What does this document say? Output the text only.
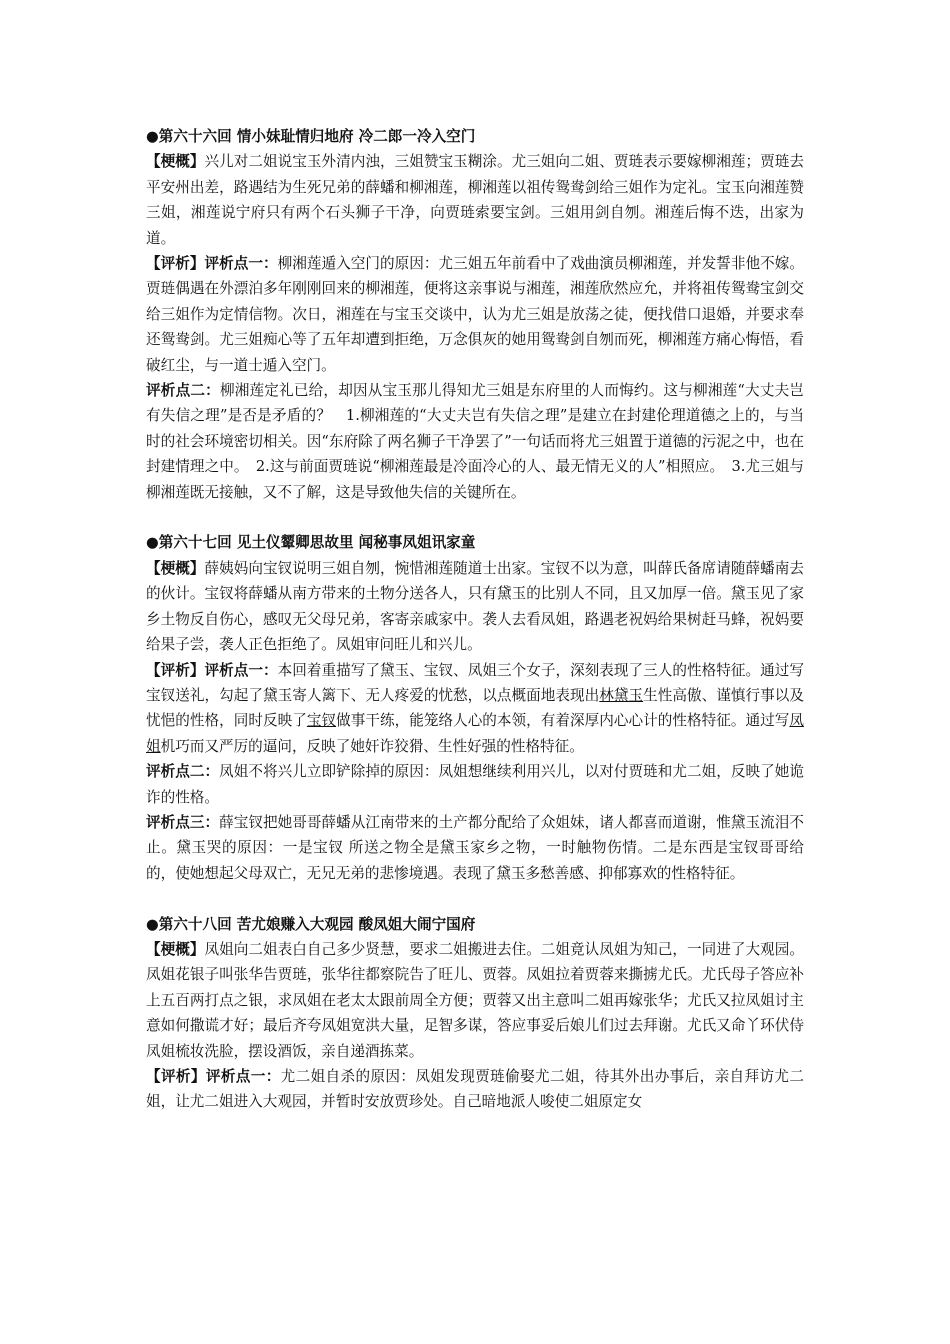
●第六十六回 情小妹耻情归地府 冷二郎一冷入空门

【梗概】兴儿对二姐说宝玉外清内浊，三姐赞宝玉糊涂。尤三姐向二姐、贾琏表示要嫁柳湘莲；贾琏去平安州出差，路遇结为生死兄弟的薛蟠和柳湘莲，柳湘莲以祖传鸳鸯剑给三姐作为定礼。宝玉向湘莲赞三姐，湘莲说宁府只有两个石头狮子干净，向贾琏索要宝剑。三姐用剑自刎。湘莲后悔不迭，出家为道。

【评析】评析点一：柳湘莲遁入空门的原因：尤三姐五年前看中了戏曲演员柳湘莲，并发誓非他不嫁。贾琏偶遇在外漂泊多年刚刚回来的柳湘莲，便将这亲事说与湘莲，湘莲欣然应允，并将祖传鸳鸯宝剑交给三姐作为定情信物。次日，湘莲在与宝玉交谈中，认为尤三姐是放荡之徒，便找借口退婚，并要求奉还鸳鸯剑。尤三姐痴心等了五年却遭到拒绝，万念俱灰的她用鸳鸯剑自刎而死，柳湘莲方痛心悔悟，看破红尘，与一道士遁入空门。

评析点二：柳湘莲定礼已给，却因从宝玉那儿得知尤三姐是东府里的人而悔约。这与柳湘莲“大丈夫岂有失信之理”是否是矛盾的？　1.柳湘莲的“大丈夫岂有失信之理”是建立在封建伦理道德之上的，与当时的社会环境密切相关。因“东府除了两名狮子干净罢了”一句话而将尤三姐置于道德的污泥之中，也在封建情理之中。　2.这与前面贾琏说“柳湘莲最是冷面冷心的人、最无情无义的人”相照应。　3.尤三姐与柳湘莲既无接触，又不了解，这是导致他失信的关键所在。

●第六十七回 见土仪颦卿思故里 闻秘事凤姐讯家童

【梗概】薛姨妈向宝钗说明三姐自刎，惋惜湘莲随道士出家。宝钗不以为意，叫薛氏备席请随薛蟠南去的伙计。宝钗将薛蟠从南方带来的土物分送各人，只有黛玉的比别人不同，且又加厚一倍。黛玉见了家乡土物反自伤心，感叹无父母兄弟，客寄亲戚家中。袭人去看凤姐，路遇老祝妈给果树赶马蜂，祝妈要给果子尝，袭人正色拒绝了。凤姐审问旺儿和兴儿。

【评析】评析点一：本回着重描写了黛玉、宝钗、凤姐三个女子，深刻表现了三人的性格特征。通过写宝钗送礼，勾起了黛玉寄人篱下、无人疼爱的忧愁，以点概面地表现出林黛玉生性高傲、谨慎行事以及忧悒的性格，同时反映了宝钗做事干练，能笼络人心的本领，有着深厚内心心计的性格特征。通过写凤姐机巧而又严厉的逼问，反映了她奸诈狡猾、生性好强的性格特征。

评析点二：凤姐不将兴儿立即铲除掉的原因：凤姐想继续利用兴儿，以对付贾琏和尤二姐，反映了她诡诈的性格。

评析点三：薛宝钗把她哥哥薛蟠从江南带来的土产都分配给了众姐妹，诸人都喜而道谢，惟黛玉流泪不止。黛玉哭的原因：一是宝钗 所送之物全是黛玉家乡之物，一时触物伤情。二是东西是宝钗哥哥给的，使她想起父母双亡，无兄无弟的悲惨境遇。表现了黛玉多愁善感、抑郁寡欢的性格特征。

●第六十八回 苦尤娘赚入大观园 酸凤姐大闹宁国府

【梗概】凤姐向二姐表白自己多少贤慧，要求二姐搬进去住。二姐竟认凤姐为知己，一同进了大观园。凤姐花银子叫张华告贾琏，张华往都察院告了旺儿、贾蓉。凤姐拉着贾蓉来撕掳尤氏。尤氏母子答应补上五百两打点之银，求凤姐在老太太跟前周全方便；贾蓉又出主意叫二姐再嫁张华；尤氏又拉凤姐讨主意如何撒谎才好；最后齐夸凤姐宽洪大量，足智多谋，答应事妥后娘儿们过去拜谢。尤氏又命丫环伏侍凤姐梳妆洗脸，摆设酒饭，亲自递酒拣菜。

【评析】评析点一：尤二姐自杀的原因：凤姐发现贾琏偷娶尤二姐，待其外出办事后，亲自拜访尤二姐，让尤二姐进入大观园，并暂时安放贾珍处。自己暗地派人唆使二姐原定女
